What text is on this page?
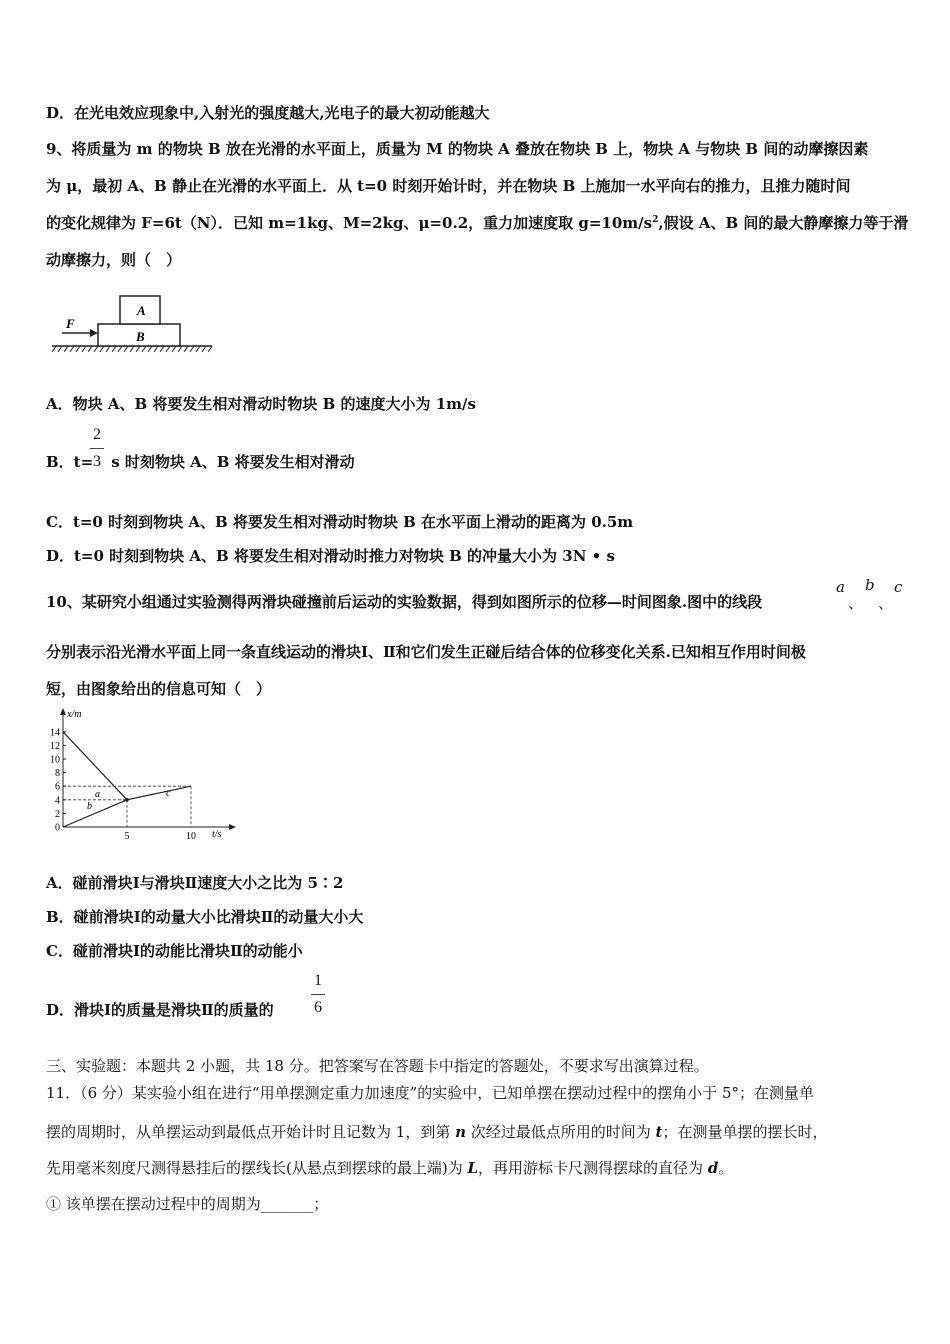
D．在光电效应现象中,入射光的强度越大,光电子的最大初动能越大
9、将质量为 m 的物块 B 放在光滑的水平面上，质量为 M 的物块 A 叠放在物块 B 上，物块 A 与物块 B 间的动摩擦因素
为 μ，最初 A、B 静止在光滑的水平面上．从 t=0 时刻开始计时，并在物块 B 上施加一水平向右的推力，且推力随时间
的变化规律为 F=6t（N）．已知 m=1kg、M=2kg、μ=0.2，重力加速度取 $g=10m/s^2$,假设 A、B 间的最大静摩擦力等于滑
动摩擦力，则（　）
B
A
F
A．物块 A、B 将要发生相对滑动时物块 B 的速度大小为 1m/s
B．t= s 时刻物块 A、B 将要发生相对滑动
2
3
C．t=0 时刻到物块 A、B 将要发生相对滑动时物块 B 在水平面上滑动的距离为 0.5m
D．t=0 时刻到物块 A、B 将要发生相对滑动时推力对物块 B 的冲量大小为 3N • s
10、某研究小组通过实验测得两滑块碰撞前后运动的实验数据，得到如图所示的位移—时间图象.图中的线段
a
、
b
、
c
分别表示沿光滑水平面上同一条直线运动的滑块Ⅰ、Ⅱ和它们发生正碰后结合体的位移变化关系.已知相互作用时间极
短，由图象给出的信息可知（　）
x/m
t/s
0
2
4
6
8
10
12
14
5	10
a
b
c
A．碰前滑块Ⅰ与滑块Ⅱ速度大小之比为 5∶2
B．碰前滑块Ⅰ的动量大小比滑块Ⅱ的动量大小大
C．碰前滑块Ⅰ的动能比滑块Ⅱ的动能小
D．滑块Ⅰ的质量是滑块Ⅱ的质量的
1
6
三、实验题：本题共 2 小题，共 18 分。把答案写在答题卡中指定的答题处，不要求写出演算过程。
11．（6 分）某实验小组在进行“用单摆测定重力加速度”的实验中，已知单摆在摆动过程中的摆角小于 5°；在测量单
摆的周期时，从单摆运动到最低点开始计时且记数为 1，到第 n 次经过最低点所用的时间为 t；在测量单摆的摆长时，
先用毫米刻度尺测得悬挂后的摆线长(从悬点到摆球的最上端)为 L，再用游标卡尺测得摆球的直径为 d。
① 该单摆在摆动过程中的周期为_______；
